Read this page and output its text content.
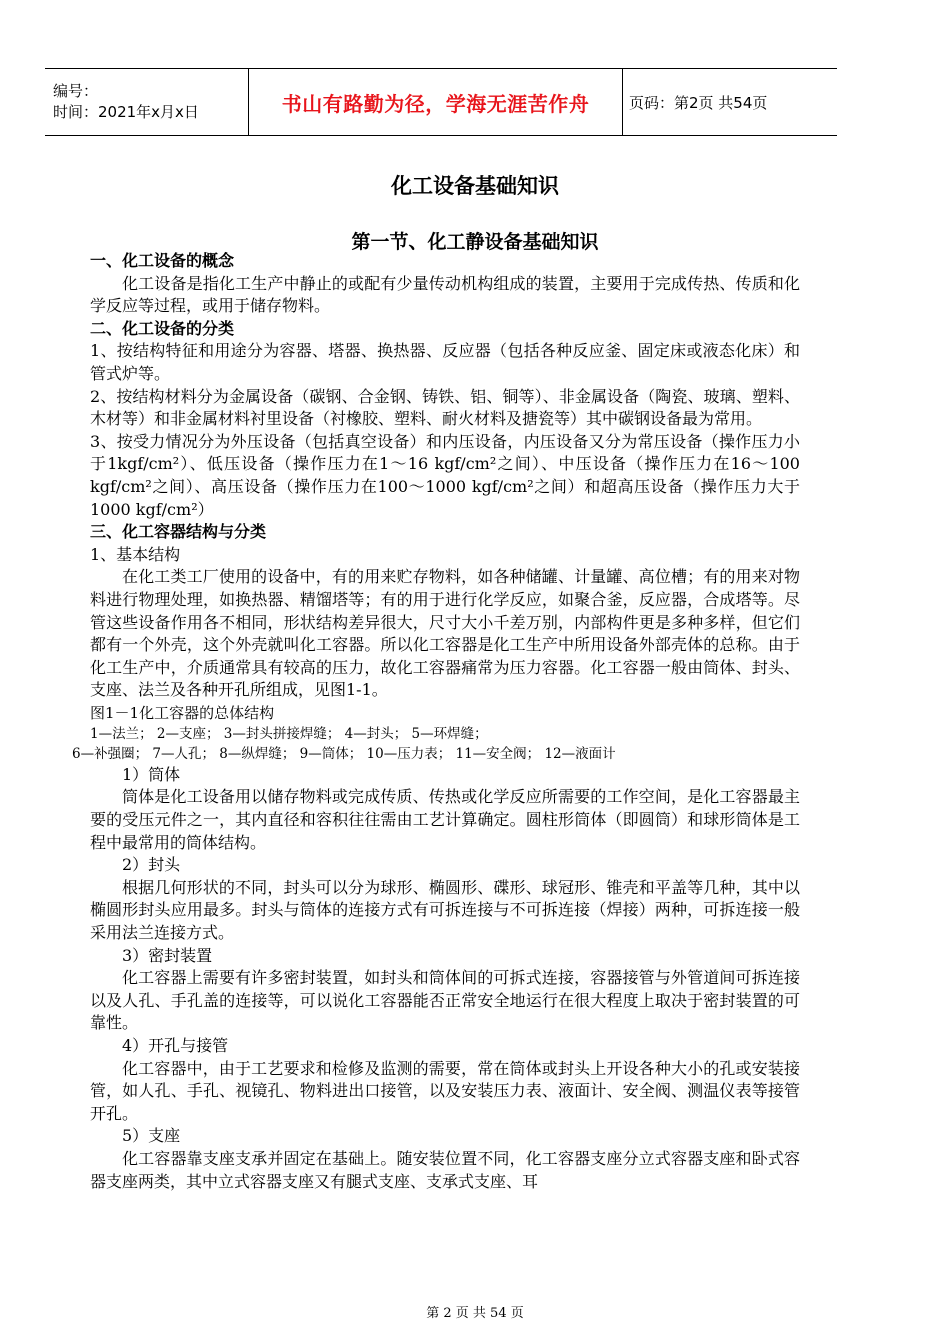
编号：
时间：2021年x月x日	书山有路勤为径，学海无涯苦作舟	页码：第2页 共54页
化工设备基础知识
第一节、化工静设备基础知识

一、化工设备的概念

化工设备是指化工生产中静止的或配有少量传动机构组成的装置，主要用于完成传热、传质和化学反应等过程，或用于储存物料。

二、化工设备的分类

1、按结构特征和用途分为容器、塔器、换热器、反应器（包括各种反应釜、固定床或液态化床）和管式炉等。

2、按结构材料分为金属设备（碳钢、合金钢、铸铁、铝、铜等）、非金属设备（陶瓷、玻璃、塑料、木材等）和非金属材料衬里设备（衬橡胶、塑料、耐火材料及搪瓷等）其中碳钢设备最为常用。

3、按受力情况分为外压设备（包括真空设备）和内压设备，内压设备又分为常压设备（操作压力小于1kgf/cm²）、低压设备（操作压力在1～16 kgf/cm²之间）、中压设备（操作压力在16～100 kgf/cm²之间）、高压设备（操作压力在100～1000 kgf/cm²之间）和超高压设备（操作压力大于1000 kgf/cm²）

三、化工容器结构与分类

1、基本结构

在化工类工厂使用的设备中，有的用来贮存物料，如各种储罐、计量罐、高位槽；有的用来对物料进行物理处理，如换热器、精馏塔等；有的用于进行化学反应，如聚合釜，反应器，合成塔等。尽管这些设备作用各不相同，形状结构差异很大，尺寸大小千差万别，内部构件更是多种多样，但它们都有一个外壳，这个外壳就叫化工容器。所以化工容器是化工生产中所用设备外部壳体的总称。由于化工生产中，介质通常具有较高的压力，故化工容器痛常为压力容器。化工容器一般由筒体、封头、支座、法兰及各种开孔所组成，见图1-1。

图1－1化工容器的总体结构

1—法兰； 2—支座； 3—封头拼接焊缝； 4—封头； 5—环焊缝；

6—补强圈； 7—人孔； 8—纵焊缝； 9—筒体； 10—压力表； 11—安全阀； 12—液面计

1）筒体

筒体是化工设备用以储存物料或完成传质、传热或化学反应所需要的工作空间，是化工容器最主要的受压元件之一，其内直径和容积往往需由工艺计算确定。圆柱形筒体（即圆筒）和球形筒体是工程中最常用的筒体结构。

2）封头

根据几何形状的不同，封头可以分为球形、椭圆形、碟形、球冠形、锥壳和平盖等几种，其中以椭圆形封头应用最多。封头与筒体的连接方式有可拆连接与不可拆连接（焊接）两种，可拆连接一般采用法兰连接方式。

3）密封装置

化工容器上需要有许多密封装置，如封头和筒体间的可拆式连接，容器接管与外管道间可拆连接以及人孔、手孔盖的连接等，可以说化工容器能否正常安全地运行在很大程度上取决于密封装置的可靠性。

4）开孔与接管

化工容器中，由于工艺要求和检修及监测的需要，常在筒体或封头上开设各种大小的孔或安装接管，如人孔、手孔、视镜孔、物料进出口接管，以及安装压力表、液面计、安全阀、测温仪表等接管开孔。

5）支座

化工容器靠支座支承并固定在基础上。随安装位置不同，化工容器支座分立式容器支座和卧式容器支座两类，其中立式容器支座又有腿式支座、支承式支座、耳

第 2 页 共 54 页
